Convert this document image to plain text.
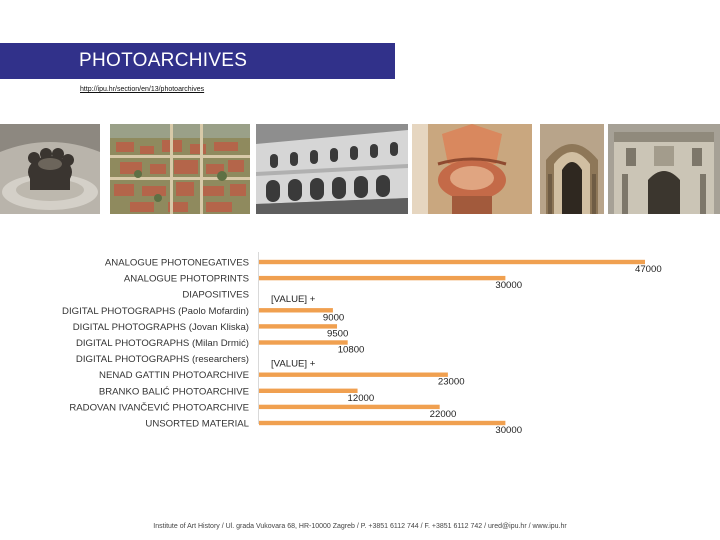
PHOTOARCHIVES
http://ipu.hr/section/en/13/photoarchives
ANALOGUE PHOTONEGATIVES
ANALOGUE PHOTOPRINTS
DIAPOSITIVES
DIGITAL PHOTOGRAPHS (Paolo Mofardin)
DIGITAL PHOTOGRAPHS (Jovan Kliska)
DIGITAL PHOTOGRAPHS (Milan Drmić)
DIGITAL PHOTOGRAPHS (researchers)
NENAD GATTIN PHOTOARCHIVE
BRANKO BALIĆ PHOTOARCHIVE
RADOVAN IVANČEVIĆ PHOTOARCHIVE
UNSORTED MATERIAL
47000
30000
[VALUE] +
9000
9500
10800
[VALUE] +
23000
12000
22000
30000
Institute of Art History / Ul. grada Vukovara 68, HR-10000 Zagreb / P. +3851 6112 744 / F. +3851 6112 742 / ured@ipu.hr / www.ipu.hr
